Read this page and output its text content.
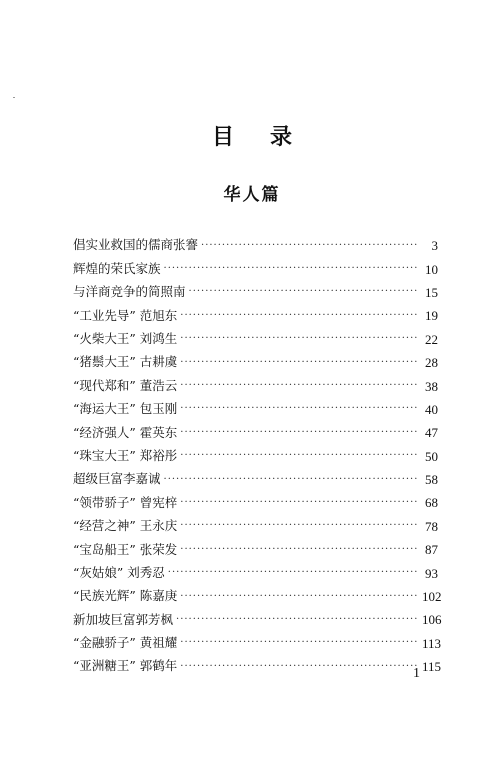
目 录
华人篇
倡实业救国的儒商张謇 ·····	3
辉煌的荣氏家族 ·····	10
与洋商竞争的简照南 ·····	15
“工业先导” 范旭东 ·····	19
“火柴大王” 刘鸿生 ·····	22
“猪鬃大王” 古耕虞 ·····	28
“现代郑和” 董浩云 ·····	38
“海运大王” 包玉刚 ·····	40
“经济强人” 霍英东 ·····	47
“珠宝大王” 郑裕彤 ·····	50
超级巨富李嘉诚 ·····	58
“领带骄子” 曾宪梓 ·····	68
“经营之神” 王永庆 ·····	78
“宝岛船王” 张荣发 ·····	87
“灰姑娘” 刘秀忍 ·····	93
“民族光辉” 陈嘉庚 ·····	102
新加坡巨富郭芳枫 ·····	106
“金融骄子” 黄祖耀 ·····	113
“亚洲糖王” 郭鹤年 ·····	115
1
